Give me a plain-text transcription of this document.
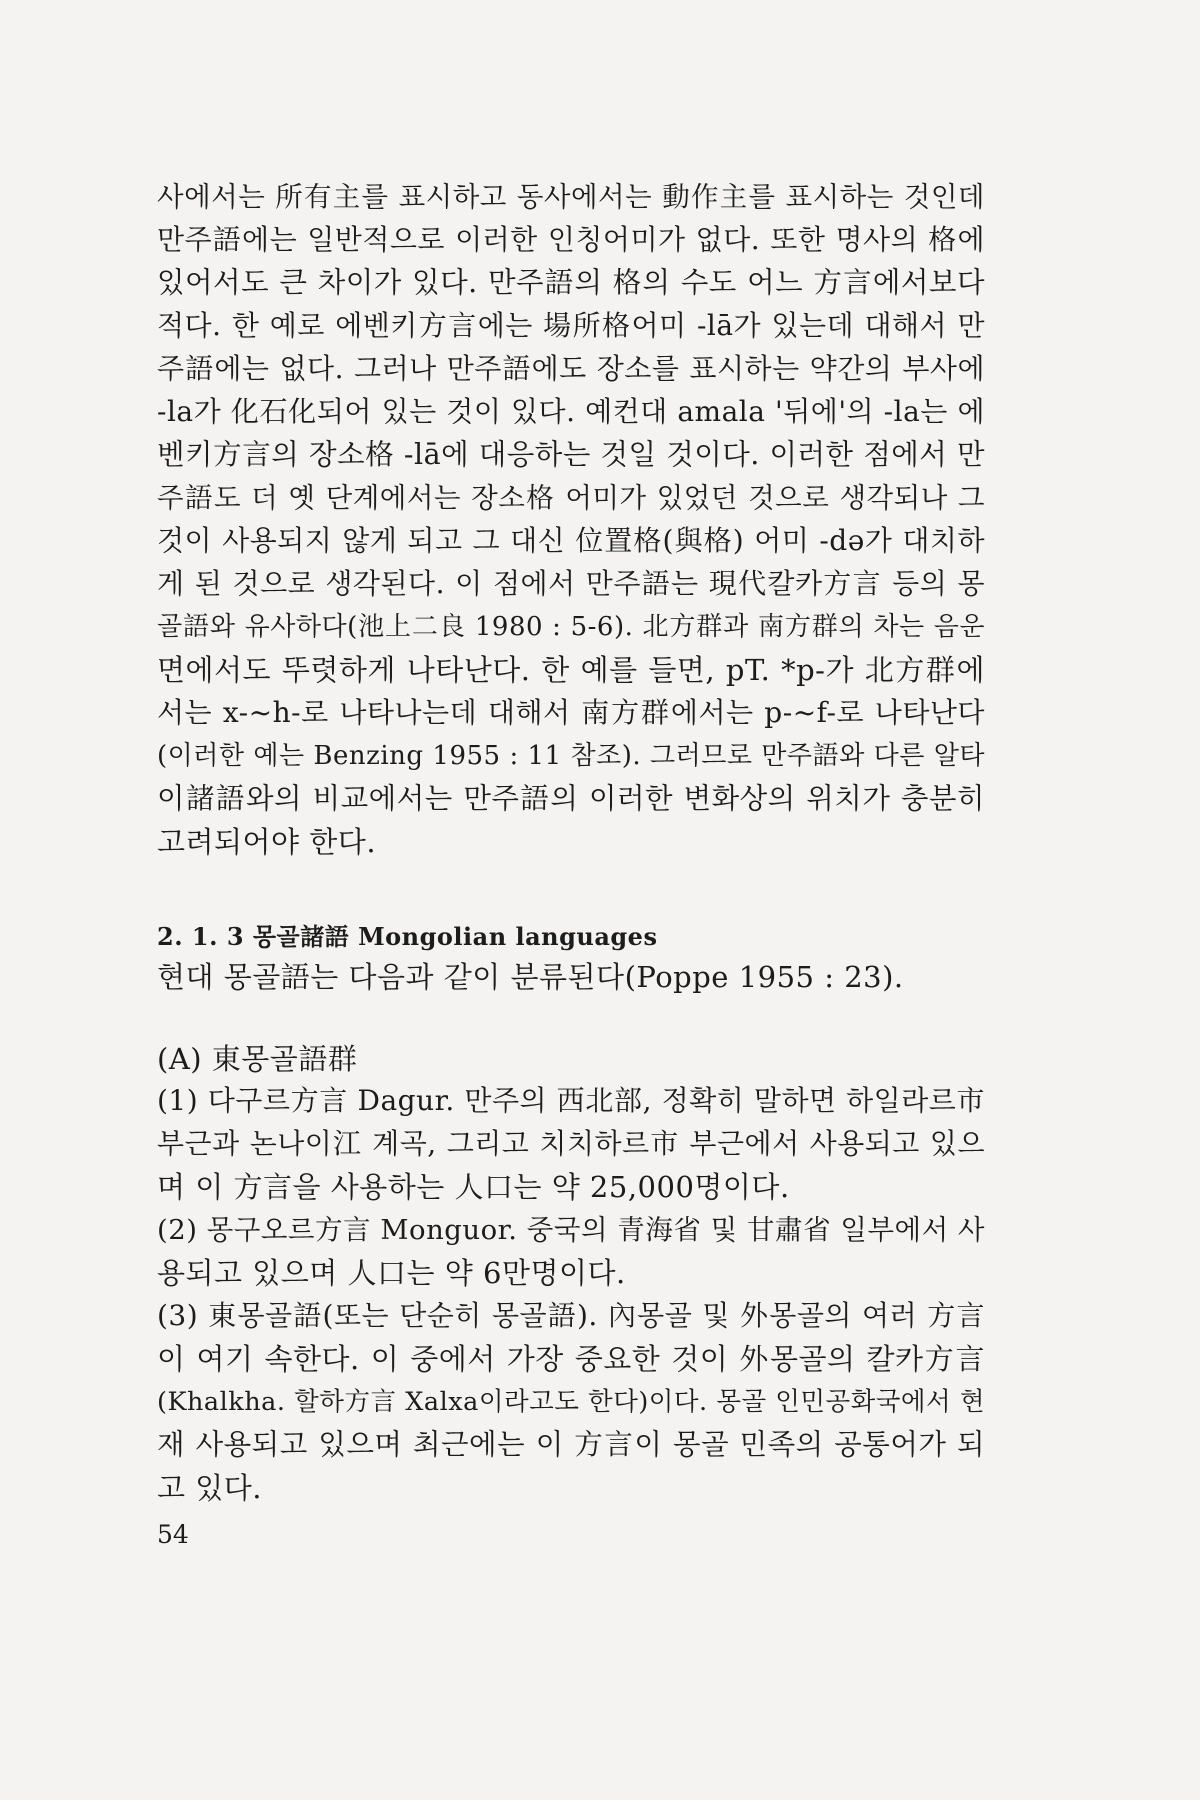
사에서는 所有主를 표시하고 동사에서는 動作主를 표시하는 것인데
만주語에는 일반적으로 이러한 인칭어미가 없다. 또한 명사의 格에
있어서도 큰 차이가 있다. 만주語의 格의 수도 어느 方言에서보다
적다. 한 예로 에벤키方言에는 場所格어미 -lā가 있는데 대해서 만
주語에는 없다. 그러나 만주語에도 장소를 표시하는 약간의 부사에
-la가 化石化되어 있는 것이 있다. 예컨대 amala '뒤에'의 -la는 에
벤키方言의 장소格 -lā에 대응하는 것일 것이다. 이러한 점에서 만
주語도 더 옛 단계에서는 장소格 어미가 있었던 것으로 생각되나 그
것이 사용되지 않게 되고 그 대신 位置格(與格) 어미 -də가 대치하
게 된 것으로 생각된다. 이 점에서 만주語는 現代칼카方言 등의 몽
골語와 유사하다(池上二良 1980 : 5-6). 北方群과 南方群의 차는 음운
면에서도 뚜렷하게 나타난다. 한 예를 들면, pT. *p-가 北方群에
서는 x-~h-로 나타나는데 대해서 南方群에서는 p-~f-로 나타난다
(이러한 예는 Benzing 1955 : 11 참조). 그러므로 만주語와 다른 알타
이諸語와의 비교에서는 만주語의 이러한 변화상의 위치가 충분히
고려되어야 한다.
2. 1. 3 몽골諸語 Mongolian languages
현대 몽골語는 다음과 같이 분류된다(Poppe 1955 : 23).
(A) 東몽골語群
(1) 다구르方言 Dagur. 만주의 西北部, 정확히 말하면 하일라르市
부근과 논나이江 계곡, 그리고 치치하르市 부근에서 사용되고 있으
며 이 方言을 사용하는 人口는 약 25,000명이다.
(2) 몽구오르方言 Monguor. 중국의 青海省 및 甘肅省 일부에서 사
용되고 있으며 人口는 약 6만명이다.
(3) 東몽골語(또는 단순히 몽골語). 內몽골 및 外몽골의 여러 方言
이 여기 속한다. 이 중에서 가장 중요한 것이 外몽골의 칼카方言
(Khalkha. 할하方言 Xalxa이라고도 한다)이다. 몽골 인민공화국에서 현
재 사용되고 있으며 최근에는 이 方言이 몽골 민족의 공통어가 되
고 있다.
54
